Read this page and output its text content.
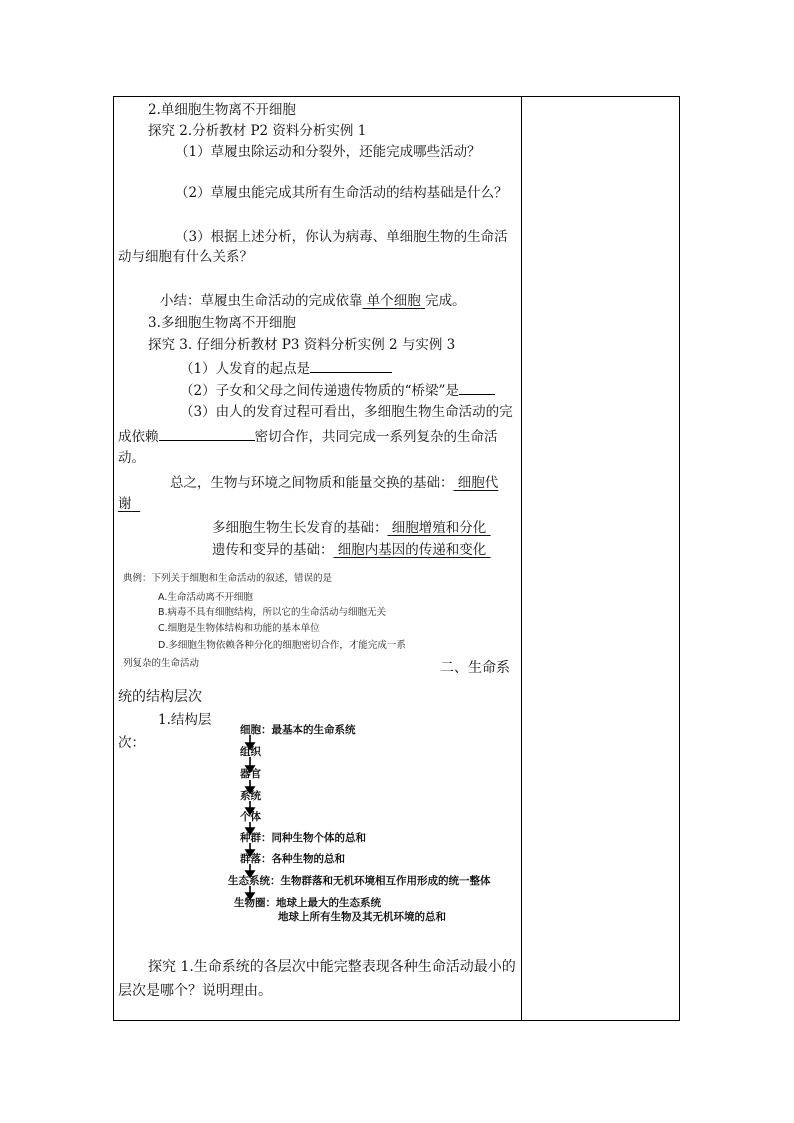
2.单细胞生物离不开细胞
探究 2.分析教材 P2 资料分析实例 1
（1）草履虫除运动和分裂外，还能完成哪些活动？
（2）草履虫能完成其所有生命活动的结构基础是什么？
（3）根据上述分析，你认为病毒、单细胞生物的生命活
动与细胞有什么关系？
小结：草履虫生命活动的完成依靠 单个细胞 完成。
3.多细胞生物离不开细胞
探究 3. 仔细分析教材 P3 资料分析实例 2 与实例 3
（1）人发育的起点是
（2）子女和父母之间传递遗传物质的“桥梁”是
（3）由人的发育过程可看出，多细胞生物生命活动的完
成依赖	密切合作，共同完成一系列复杂的生命活
动。
总之，生物与环境之间物质和能量交换的基础： 细胞代
谢
多细胞生物生长发育的基础： 细胞增殖和分化
遗传和变异的基础： 细胞内基因的传递和变化
典例：下列关于细胞和生命活动的叙述，错误的是
A.生命活动离不开细胞
B.病毒不具有细胞结构，所以它的生命活动与细胞无关
C.细胞是生物体结构和功能的基本单位
D.多细胞生物依赖各种分化的细胞密切合作，才能完成一系
列复杂的生命活动	二、生命系
统的结构层次
1.结构层
次：
细胞：最基本的生命系统
组织
器官
系统
个体
种群：同种生物个体的总和
群落：各种生物的总和
生态系统：生物群落和无机环境相互作用形成的统一整体
生物圈：地球上最大的生态系统
地球上所有生物及其无机环境的总和
探究 1.生命系统的各层次中能完整表现各种生命活动最小的
层次是哪个？说明理由。
